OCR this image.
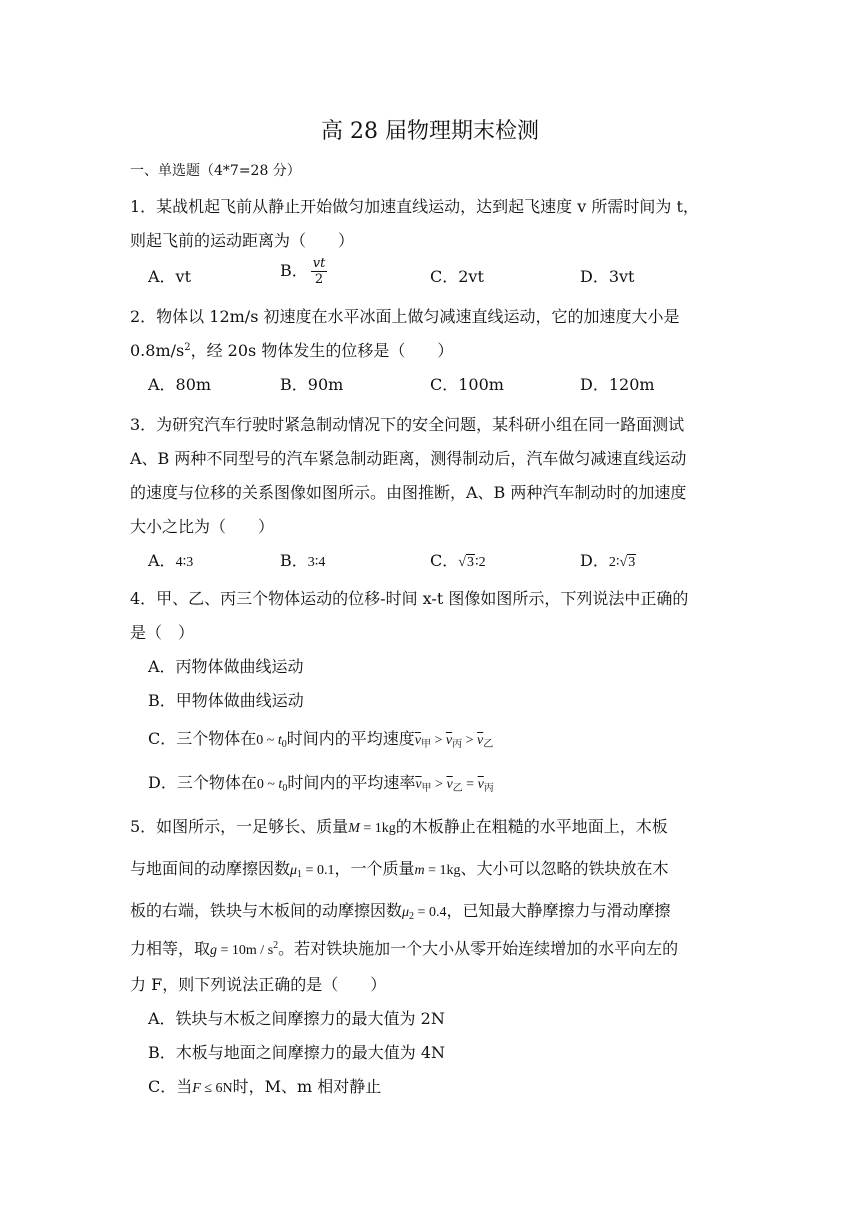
高 28 届物理期末检测
一、单选题（4*7=28 分）
1．某战机起飞前从静止开始做匀加速直线运动，达到起飞速度 v 所需时间为 t，
则起飞前的运动距离为（　　）
A．vt	B． $\frac{vt}{2}$	C．2vt	D．3vt
2．物体以 12m/s 初速度在水平冰面上做匀减速直线运动，它的加速度大小是
$0.8m/s^2$，经 20s 物体发生的位移是（　　）
A．80m	B．90m	C．100m	D．120m
3．为研究汽车行驶时紧急制动情况下的安全问题，某科研小组在同一路面测试
A、B 两种不同型号的汽车紧急制动距离，测得制动后，汽车做匀减速直线运动
的速度与位移的关系图像如图所示。由图推断，A、B 两种汽车制动时的加速度
大小之比为（　　）
A．4∶3	B．3∶4	C．√3∶2	D．2∶√3
4．甲、乙、丙三个物体运动的位移-时间 x-t 图像如图所示，下列说法中正确的
是（　）
A．丙物体做曲线运动
B．甲物体做曲线运动
C．三个物体在0 ~ $t_0$时间内的平均速度$\overline{v}_甲 > \overline{v}_丙 > \overline{v}_乙$
D．三个物体在0 ~ $t_0$时间内的平均速率$\overline{v}_甲 > \overline{v}_乙 = \overline{v}_丙$
5．如图所示，一足够长、质量M = 1kg的木板静止在粗糙的水平地面上，木板
与地面间的动摩擦因数$\mu_1 = 0.1$，一个质量m = 1kg、大小可以忽略的铁块放在木
板的右端，铁块与木板间的动摩擦因数$\mu_2 = 0.4$，已知最大静摩擦力与滑动摩擦
力相等，取$g = 10m / s^2$。若对铁块施加一个大小从零开始连续增加的水平向左的
力 F，则下列说法正确的是（　　）
A．铁块与木板之间摩擦力的最大值为 2N
B．木板与地面之间摩擦力的最大值为 4N
C．当F ≤ 6N时，M、m 相对静止
